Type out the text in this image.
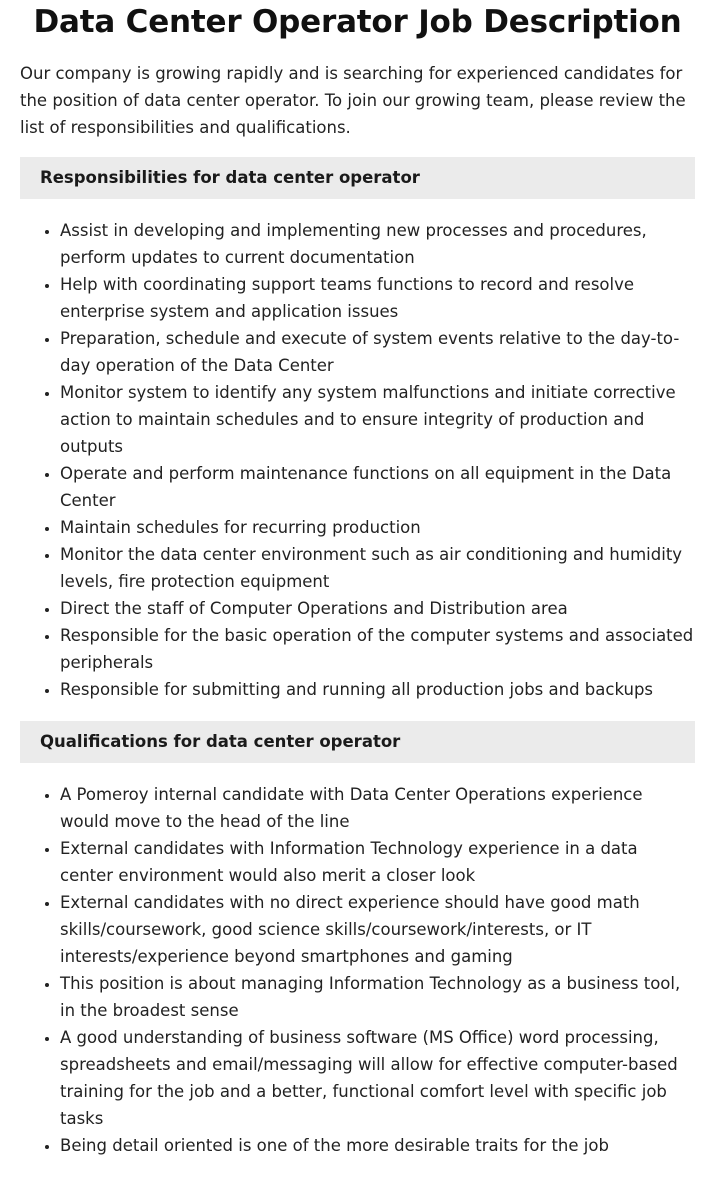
Data Center Operator Job Description

Our company is growing rapidly and is searching for experienced candidates for the position of data center operator. To join our growing team, please review the list of responsibilities and qualifications.

Responsibilities for data center operator
• Assist in developing and implementing new processes and procedures, perform updates to current documentation
• Help with coordinating support teams functions to record and resolve enterprise system and application issues
• Preparation, schedule and execute of system events relative to the day-to-day operation of the Data Center
• Monitor system to identify any system malfunctions and initiate corrective action to maintain schedules and to ensure integrity of production and outputs
• Operate and perform maintenance functions on all equipment in the Data Center
• Maintain schedules for recurring production
• Monitor the data center environment such as air conditioning and humidity levels, fire protection equipment
• Direct the staff of Computer Operations and Distribution area
• Responsible for the basic operation of the computer systems and associated peripherals
• Responsible for submitting and running all production jobs and backups
Qualifications for data center operator
• A Pomeroy internal candidate with Data Center Operations experience would move to the head of the line
• External candidates with Information Technology experience in a data center environment would also merit a closer look
• External candidates with no direct experience should have good math skills/coursework, good science skills/coursework/interests, or IT interests/experience beyond smartphones and gaming
• This position is about managing Information Technology as a business tool, in the broadest sense
• A good understanding of business software (MS Office) word processing, spreadsheets and email/messaging will allow for effective computer-based training for the job and a better, functional comfort level with specific job tasks
• Being detail oriented is one of the more desirable traits for the job
